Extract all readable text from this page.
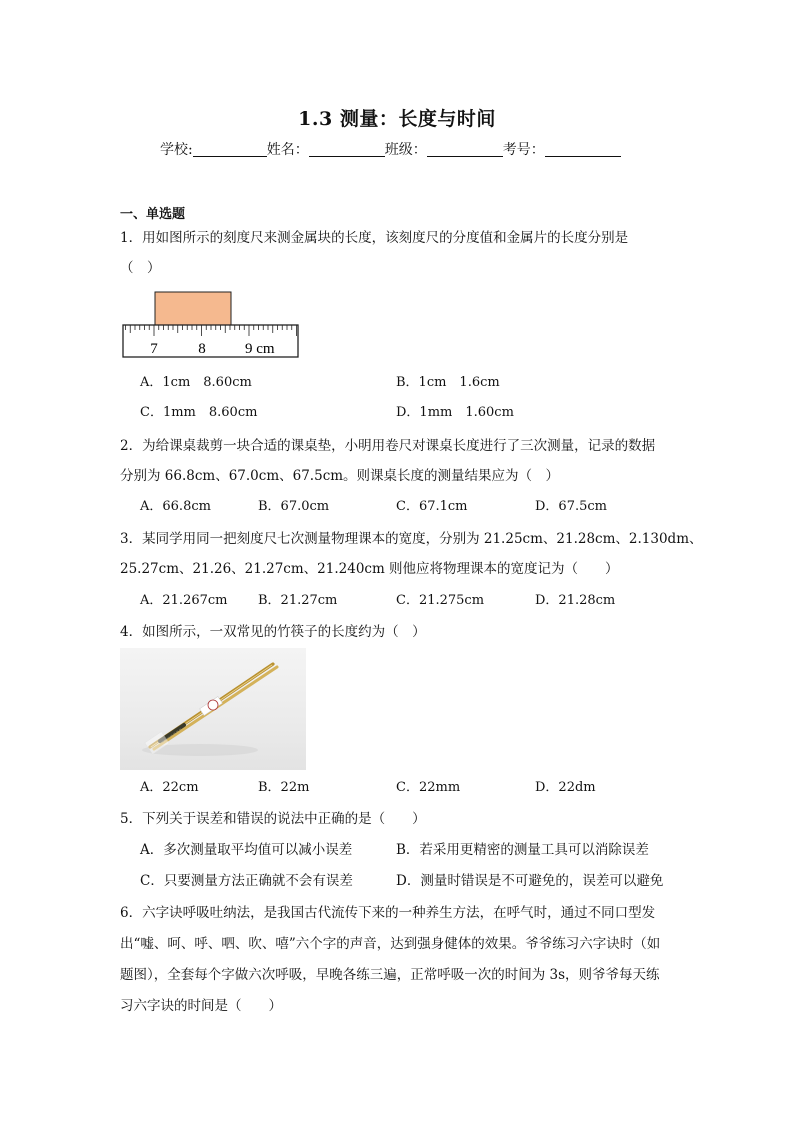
1.3 测量：长度与时间
学校:	姓名：	班级：	考号：
一、单选题
1．用如图所示的刻度尺来测金属块的长度，该刻度尺的分度值和金属片的长度分别是
（　）
7	8	9 cm
A．1cm　8.60cm	B．1cm　1.6cm
C．1mm　8.60cm	D．1mm　1.60cm
2．为给课桌裁剪一块合适的课桌垫，小明用卷尺对课桌长度进行了三次测量，记录的数据
分别为 66.8cm、67.0cm、67.5cm。则课桌长度的测量结果应为（　）
A．66.8cm	B．67.0cm	C．67.1cm	D．67.5cm
3．某同学用同一把刻度尺七次测量物理课本的宽度，分别为 21.25cm、21.28cm、2.130dm、
25.27cm、21.26、21.27cm、21.240cm 则他应将物理课本的宽度记为（　　）
A．21.267cm B．21.27cm	C．21.275cm	D．21.28cm
4．如图所示，一双常见的竹筷子的长度约为（　）
A．22cm	B．22m	C．22mm	D．22dm
5．下列关于误差和错误的说法中正确的是（　　）
A．多次测量取平均值可以减小误差	B．若采用更精密的测量工具可以消除误差
C．只要测量方法正确就不会有误差	D．测量时错误是不可避免的，误差可以避免
6．六字诀呼吸吐纳法，是我国古代流传下来的一种养生方法，在呼气时，通过不同口型发
出“嘘、呵、呼、呬、吹、嘻”六个字的声音，达到强身健体的效果。爷爷练习六字诀时（如
题图），全套每个字做六次呼吸，早晚各练三遍，正常呼吸一次的时间为 3s，则爷爷每天练
习六字诀的时间是（　　）
